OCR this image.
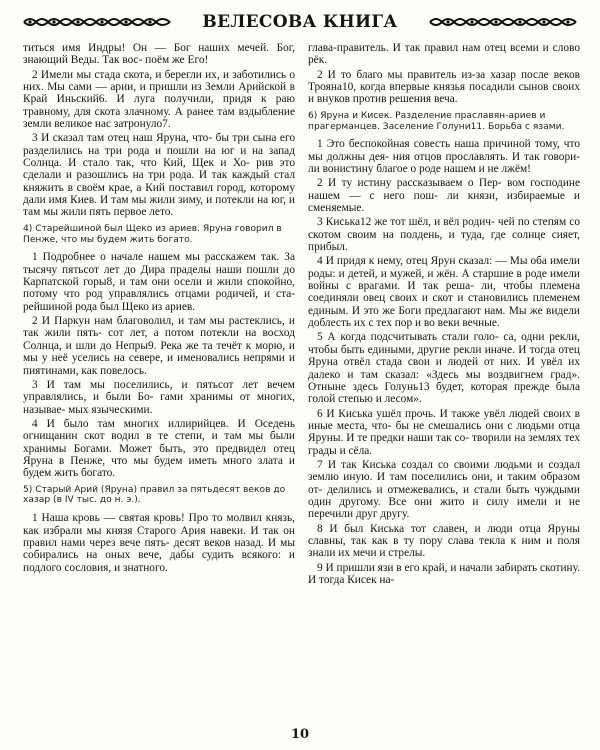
ВЕЛЕСОВА КНИГА

титься имя Индры! Он — Бог наших мечей. Бог, знающий Веды. Так вос- поём же Его!

2 Имели мы стада скота, и берегли их, и заботились о них. Мы сами — арии, и пришли из Земли Арийской в Край Иньский6. И луга получили, придя к раю травному, для скота злачному. А ранее там вздыбление земли великое нас затронуло7.

3 И сказал там отец наш Яруна, что- бы три сына его разделились на три рода и пошли на юг и на запад Солнца. И стало так, что Кий, Щек и Хо- рив это сделали и разошлись на три рода. И так каждый стал княжить в своём крае, а Кий поставил город, которому дали имя Киев. И там мы жили зиму, и потекли на юг, и там мы жили пять первое лето.

4) Старейшиной был Щеко из ариев. Яруна говорил в Пенже, что мы будем жить богато.

1 Подробнее о начале нашем мы расскажем так. За тысячу пятьсот лет до Дира праделы наши пошли до Карпатской горы8, и там они осели и жили спокойно, потому что род управлялись отцами родичей, и ста- рейшиной рода был Щеко из ариев.

2 И Паркун нам благоволил, и там мы растеклись, и так жили пять- сот лет, а потом потекли на восход Солнца, и шли до Непры9. Река же та течёт к морю, и мы у неё уселись на севере, и именовались непрями и пиятинами, как повелось.

3 И там мы поселились, и пятьсот лет вечем управлялись, и были Бо- гами хранимы от многих, называе- мых языческими.

4 И было там многих иллирийцев. И Оседень огнищанин скот водил в те степи, и там мы были хранимы Богами. Может быть, это предвидел отец Яруна в Пенже, что мы будем иметь много злата и будем жить богато.

5) Старый Арий (Яруна) правил за пятьдесят веков до хазар (в IV тыс. до н. э.).

1 Наша кровь — святая кровь! Про то молвил князь, как избрали мы князя Старого Ария навеки. И так он правил нами через вече пять- десят веков назад. И мы собирались на оных вече, дабы судить всякого: и подлого сословия, и знатного.

глава-правитель. И так правил нам отец всеми и слово рёк.

2 И то благо мы правитель из-за хазар после веков Трояна10, когда впервые князья посадили сынов своих и внуков против решения веча.

6) Яруна и Кисек. Разделение праславян-ариев и прагерманцев. Заселение Голуни11. Борьба с язами.

1 Это беспокойная совесть наша причиной тому, что мы должны дея- ния отцов прославлять. И так говори- ли вонистину благое о роде нашем и не лжём!

2 И ту истину рассказываем о Пер- вом господине нашем — с него пош- ли князи, избираемые и сменяемые.

3 Киська12 же тот шёл, и вёл родич- чей по степям со скотом своим на полдень, и туда, где солнце сияет, прибыл.

4 И придя к нему, отец Ярун сказал: — Мы оба имели роды: и детей, и мужей, и жён. А старшие в роде имели войны с врагами. И так реша- ли, чтобы племена соединяли овец своих и скот и становились племенем единым. И это же Боги предлагают нам. Мы же видели доблесть их с тех пор и во веки вечные.

5 А когда подсчитывать стали голо- са, одни рекли, чтобы быть едиными, другие рекли иначе. И тогда отец Яруна отвёл стада свои и людей от них. И увёл их далеко и там сказал: «Здесь мы воздвигнем град». Отныне здесь Голунь13 будет, которая прежде была голой степью и лесом».

6 И Киська ушёл прочь. И также увёл людей своих в иные места, что- бы не смешались они с людьми отца Яруны. И те предки наши так со- творили на землях тех грады и сёла.

7 И так Киська создал со своими людьми и создал землю иную. И там поселились они, и таким образом от- делились и отмежевались, и стали быть чуждыми один другому. Все они жито и силу имели и не перечили друг другу.

8 И был Киська тот славен, и люди отца Яруны славны, так как в ту пору слава текла к ним и поля знали их мечи и стрелы.

9 И пришли язи в его край, и начали забирать скотину. И тогда Кисек на-

10
